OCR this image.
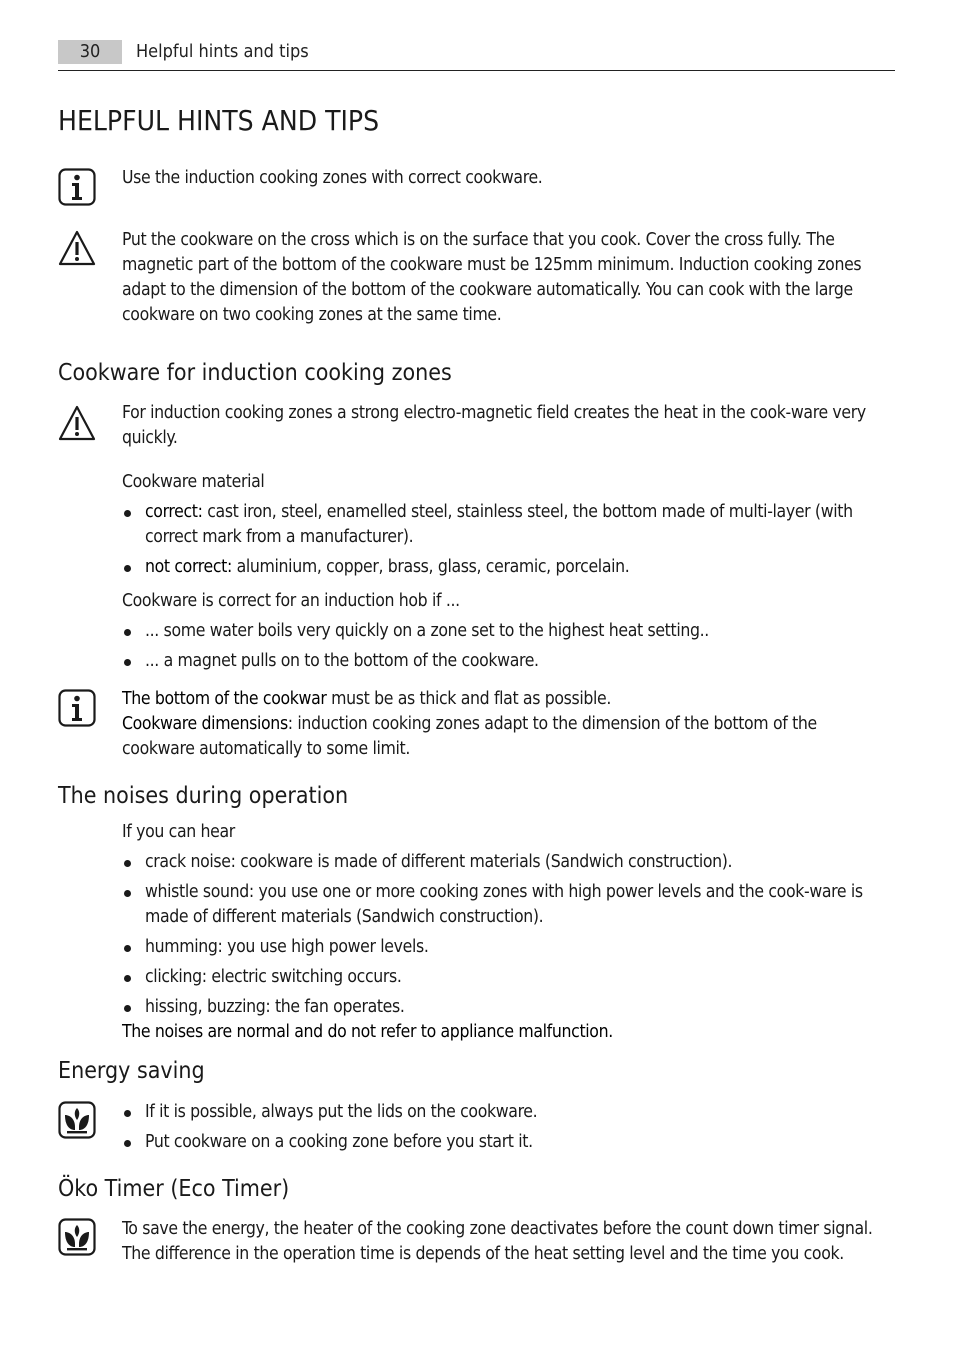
30	Helpful hints and tips
HELPFUL HINTS AND TIPS
Use the induction cooking zones with correct cookware.
Put the cookware on the cross which is on the surface that you cook. Cover the cross fully. The magnetic part of the bottom of the cookware must be 125mm minimum. Induction cooking zones adapt to the dimension of the bottom of the cookware automatically. You can cook with the large cookware on two cooking zones at the same time.
Cookware for induction cooking zones
For induction cooking zones a strong electro-magnetic field creates the heat in the cook-ware very quickly.
Cookware material
correct: cast iron, steel, enamelled steel, stainless steel, the bottom made of multi-layer (with correct mark from a manufacturer).
not correct: aluminium, copper, brass, glass, ceramic, porcelain.
Cookware is correct for an induction hob if ...
... some water boils very quickly on a zone set to the highest heat setting..
... a magnet pulls on to the bottom of the cookware.
The bottom of the cookwar must be as thick and flat as possible.
Cookware dimensions: induction cooking zones adapt to the dimension of the bottom of the cookware automatically to some limit.
The noises during operation
If you can hear
crack noise: cookware is made of different materials (Sandwich construction).
whistle sound: you use one or more cooking zones with high power levels and the cook-ware is made of different materials (Sandwich construction).
humming: you use high power levels.
clicking: electric switching occurs.
hissing, buzzing: the fan operates.
The noises are normal and do not refer to appliance malfunction.
Energy saving
If it is possible, always put the lids on the cookware.
Put cookware on a cooking zone before you start it.
Öko Timer (Eco Timer)
To save the energy, the heater of the cooking zone deactivates before the count down timer signal. The difference in the operation time is depends of the heat setting level and the time you cook.
